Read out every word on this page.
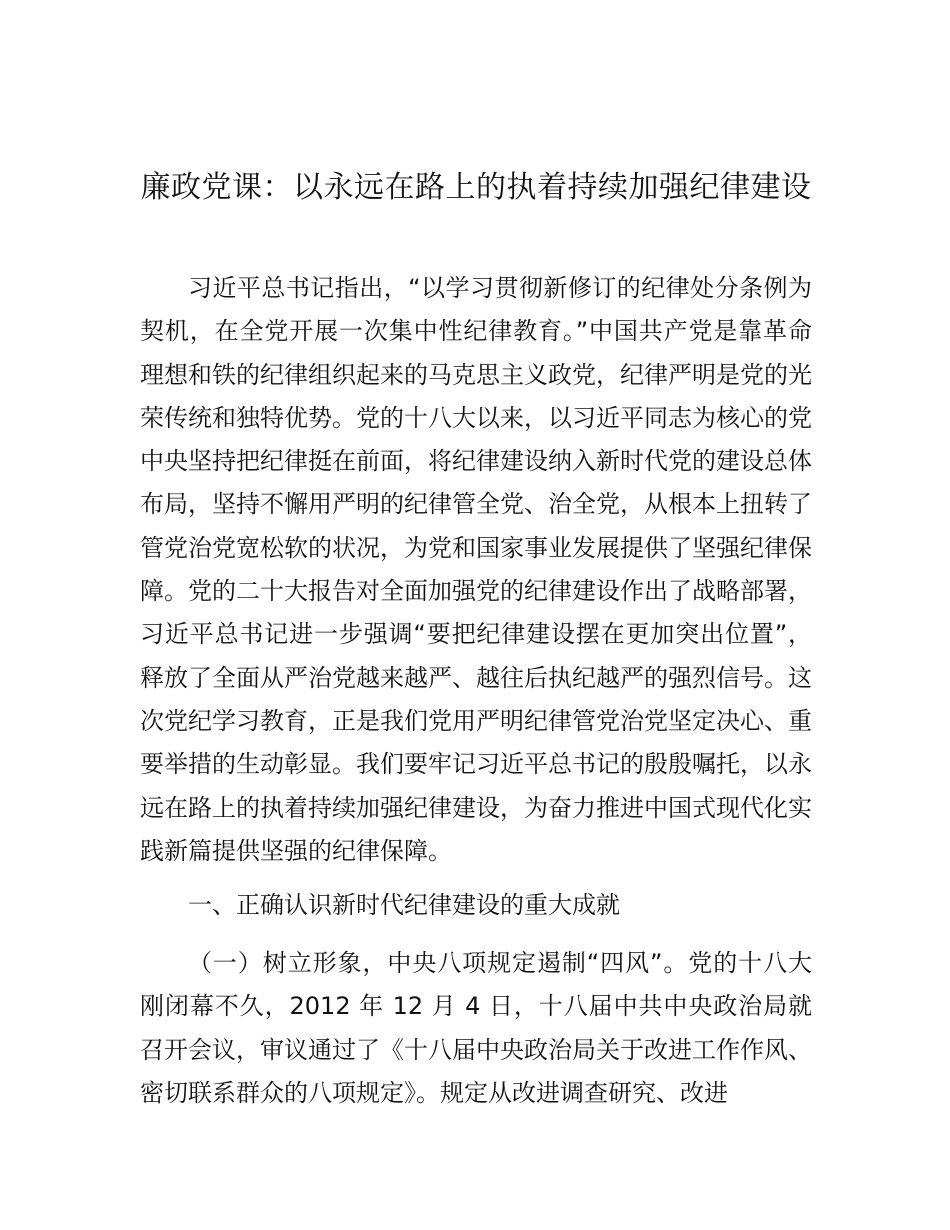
廉政党课：以永远在路上的执着持续加强纪律建设

习近平总书记指出，“以学习贯彻新修订的纪律处分条例为契机，在全党开展一次集中性纪律教育。”中国共产党是靠革命理想和铁的纪律组织起来的马克思主义政党，纪律严明是党的光荣传统和独特优势。党的十八大以来，以习近平同志为核心的党中央坚持把纪律挺在前面，将纪律建设纳入新时代党的建设总体布局，坚持不懈用严明的纪律管全党、治全党，从根本上扭转了管党治党宽松软的状况，为党和国家事业发展提供了坚强纪律保障。党的二十大报告对全面加强党的纪律建设作出了战略部署，习近平总书记进一步强调“要把纪律建设摆在更加突出位置”，释放了全面从严治党越来越严、越往后执纪越严的强烈信号。这次党纪学习教育，正是我们党用严明纪律管党治党坚定决心、重要举措的生动彰显。我们要牢记习近平总书记的殷殷嘱托，以永远在路上的执着持续加强纪律建设，为奋力推进中国式现代化实践新篇提供坚强的纪律保障。

一、正确认识新时代纪律建设的重大成就

（一）树立形象，中央八项规定遏制“四风”。党的十八大刚闭幕不久，2012 年 12 月 4 日，十八届中共中央政治局就召开会议，审议通过了《十八届中央政治局关于改进工作作风、密切联系群众的八项规定》。规定从改进调查研究、改进
